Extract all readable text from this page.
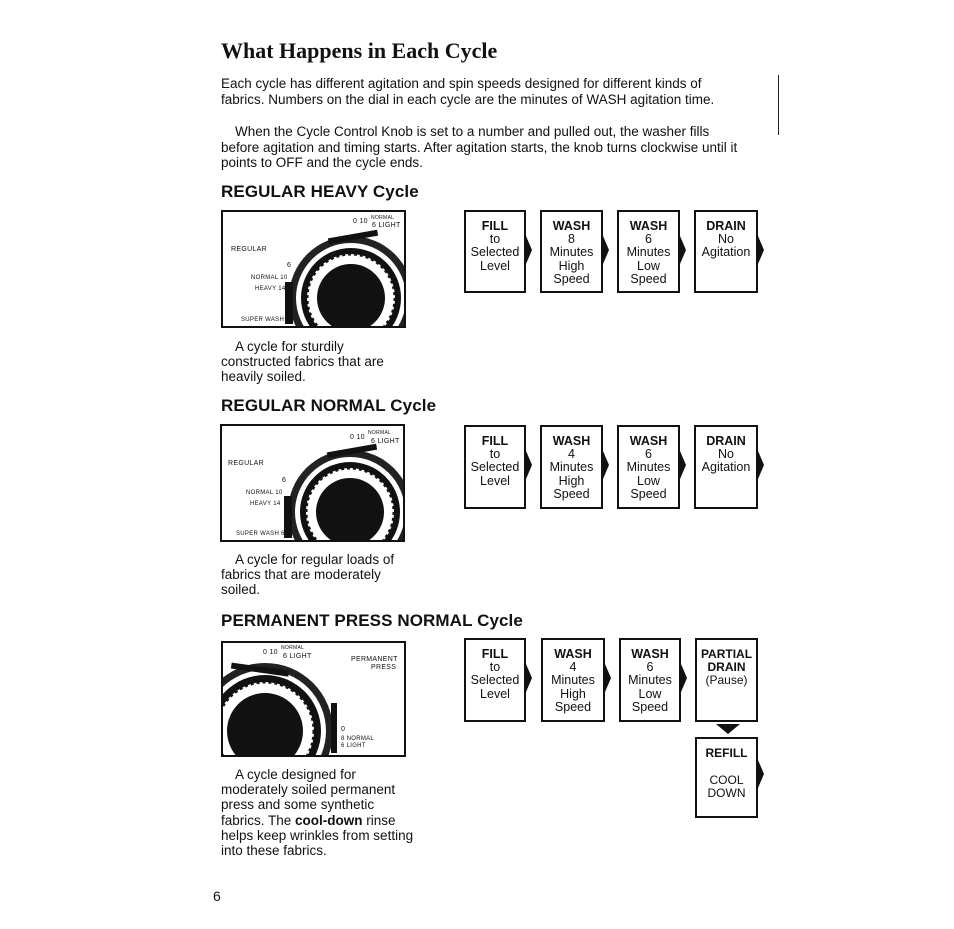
What Happens in Each Cycle

Each cycle has different agitation and spin speeds designed for different kinds of fabrics. Numbers on the dial in each cycle are the minutes of WASH agitation time.

When the Cycle Control Knob is set to a number and pulled out, the washer fills before agitation and timing starts. After agitation starts, the knob turns clockwise until it points to OFF and the cycle ends.

REGULAR HEAVY Cycle
0 10 NORMAL
6 LIGHT
REGULAR
6
NORMAL 10
HEAVY 14
SUPER WASH 6

A cycle for sturdily constructed fabrics that are heavily soiled.

FILL
to
Selected
Level
WASH
8
Minutes
High
Speed
WASH
6
Minutes
Low
Speed
DRAIN
No
Agitation
REGULAR NORMAL Cycle
0 10
NORMAL
6 LIGHT
REGULAR
6
NORMAL 10
HEAVY 14
SUPER WASH 6

A cycle for regular loads of fabrics that are moderately soiled.

FILL
to
Selected
Level
WASH
4
Minutes
High
Speed
WASH
6
Minutes
Low
Speed
DRAIN
No
Agitation
PERMANENT PRESS NORMAL Cycle
0 10
NORMAL
6 LIGHT	PERMANENT
PRESS
0
8 NORMAL
6 LIGHT

A cycle designed for moderately soiled permanent press and some synthetic fabrics. The cool-down rinse helps keep wrinkles from setting into these fabrics.

FILL
to
Selected
Level
WASH
4
Minutes
High
Speed
WASH
6
Minutes
Low
Speed
PARTIAL
DRAIN
(Pause)
REFILL
COOL
DOWN
6
